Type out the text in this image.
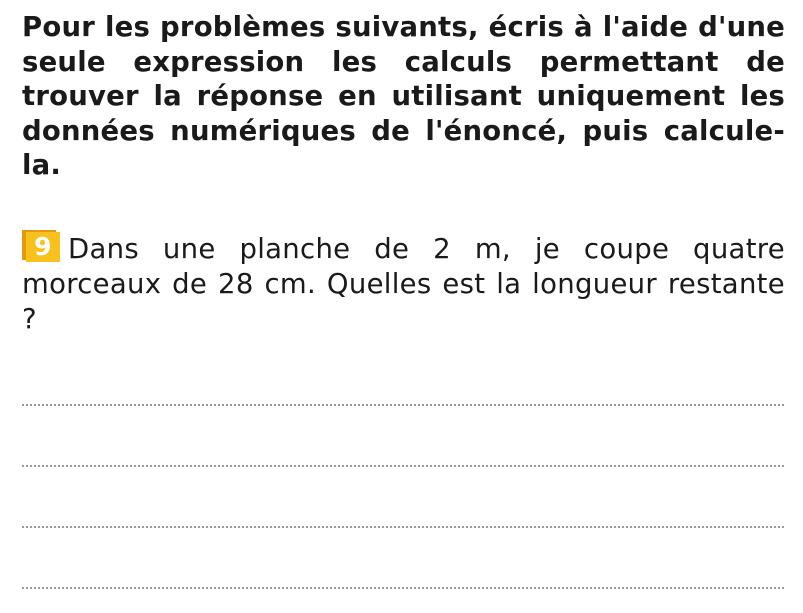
Pour les problèmes suivants, écris à l'aide d'une seule expression les calculs permettant de trouver la réponse en utilisant uniquement les données numériques de l'énoncé, puis calcule-la.

9 Dans une planche de 2 m, je coupe quatre morceaux de 28 cm. Quelles est la longueur restante ?
